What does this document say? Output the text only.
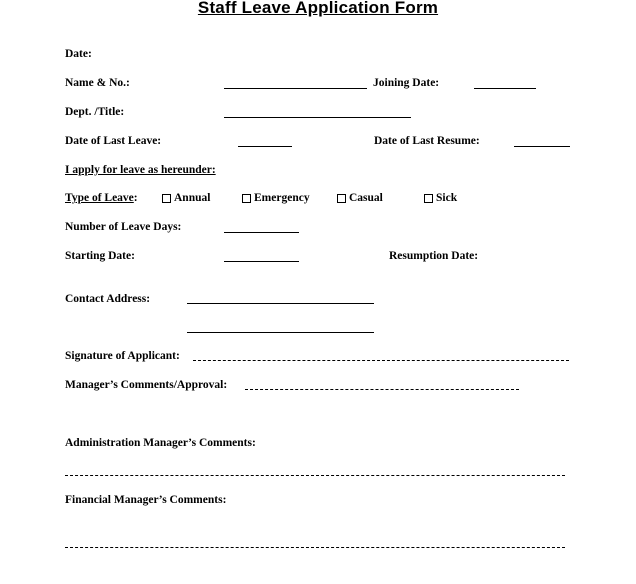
Staff Leave Application Form
Date:
Name & No.:	Joining Date:
Dept. /Title:
Date of Last Leave:	Date of Last Resume:
I apply for leave as hereunder:
Type of Leave:	Annual	Emergency	Casual	Sick
Number of Leave Days:
Starting Date:	Resumption Date:
Contact Address:
Signature of Applicant:
Manager’s Comments/Approval:
Administration Manager’s Comments:
Financial Manager’s Comments:
